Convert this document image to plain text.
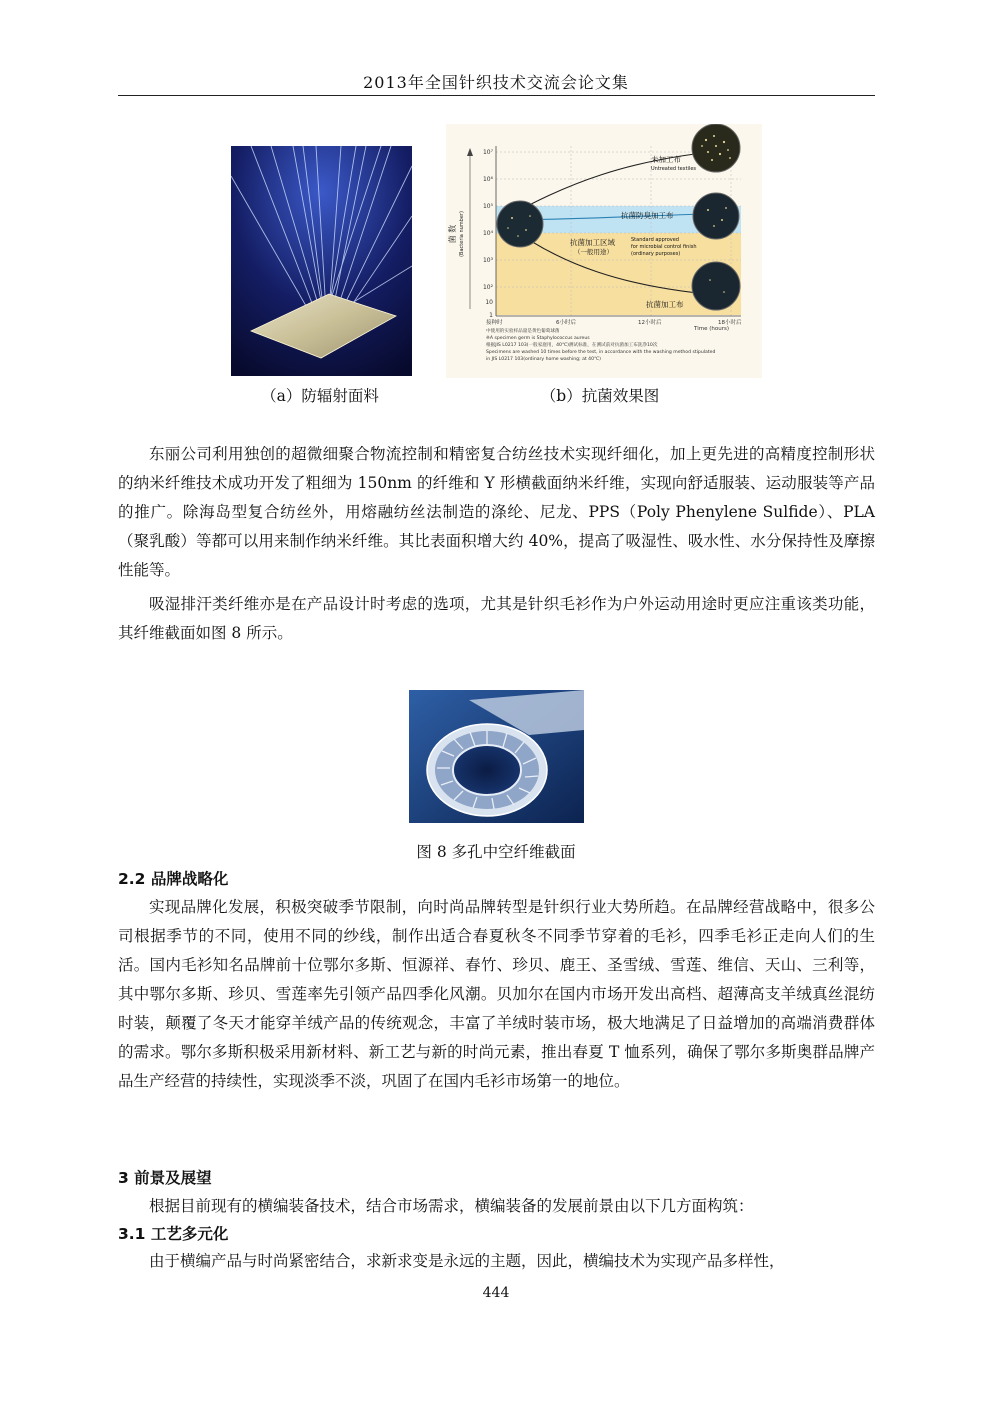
2013年全国针织技术交流会论文集
（a）防辐射面料
10⁷
10⁶
10⁵
10⁴
10³
10²
10
1
菌 数 (Bacteria number)
未加工布
Untreated textiles
抗菌防臭加工布
抗菌加工区域
（一般用途）
Standard approved
for microbial control finish
(ordinary purposes)
抗菌加工布
接种时	6小时后	12小时后	18小时后
Time (hours)
中使用的实验样品量是黄色葡萄球菌
※A specimen germ is Staphylococcus aureus
根据JIS L0217 103(一般家庭用，40℃)测试标准，在测试前对抗菌加工布洗净10次
Specimens are washed 10 times before the test, in accordance with the washing method stipulated
in JIS L0217 103(ordinary home washing; at 40℃)
（b）抗菌效果图

东丽公司利用独创的超微细聚合物流控制和精密复合纺丝技术实现纤细化，加上更先进的高精度控制形状的纳米纤维技术成功开发了粗细为 150nm 的纤维和 Y 形横截面纳米纤维，实现向舒适服装、运动服装等产品的推广。除海岛型复合纺丝外，用熔融纺丝法制造的涤纶、尼龙、PPS（Poly Phenylene Sulfide）、PLA（聚乳酸）等都可以用来制作纳米纤维。其比表面积增大约 40%，提高了吸湿性、吸水性、水分保持性及摩擦性能等。

吸湿排汗类纤维亦是在产品设计时考虑的选项，尤其是针织毛衫作为户外运动用途时更应注重该类功能，其纤维截面如图 8 所示。

图 8 多孔中空纤维截面
2.2 品牌战略化

实现品牌化发展，积极突破季节限制，向时尚品牌转型是针织行业大势所趋。在品牌经营战略中，很多公司根据季节的不同，使用不同的纱线，制作出适合春夏秋冬不同季节穿着的毛衫，四季毛衫正走向人们的生活。国内毛衫知名品牌前十位鄂尔多斯、恒源祥、春竹、珍贝、鹿王、圣雪绒、雪莲、维信、天山、三利等，其中鄂尔多斯、珍贝、雪莲率先引领产品四季化风潮。贝加尔在国内市场开发出高档、超薄高支羊绒真丝混纺时装，颠覆了冬天才能穿羊绒产品的传统观念，丰富了羊绒时装市场，极大地满足了日益增加的高端消费群体的需求。鄂尔多斯积极采用新材料、新工艺与新的时尚元素，推出春夏 T 恤系列，确保了鄂尔多斯奥群品牌产品生产经营的持续性，实现淡季不淡，巩固了在国内毛衫市场第一的地位。

3 前景及展望

根据目前现有的横编装备技术，结合市场需求，横编装备的发展前景由以下几方面构筑：

3.1 工艺多元化

由于横编产品与时尚紧密结合，求新求变是永远的主题，因此，横编技术为实现产品多样性，

444
